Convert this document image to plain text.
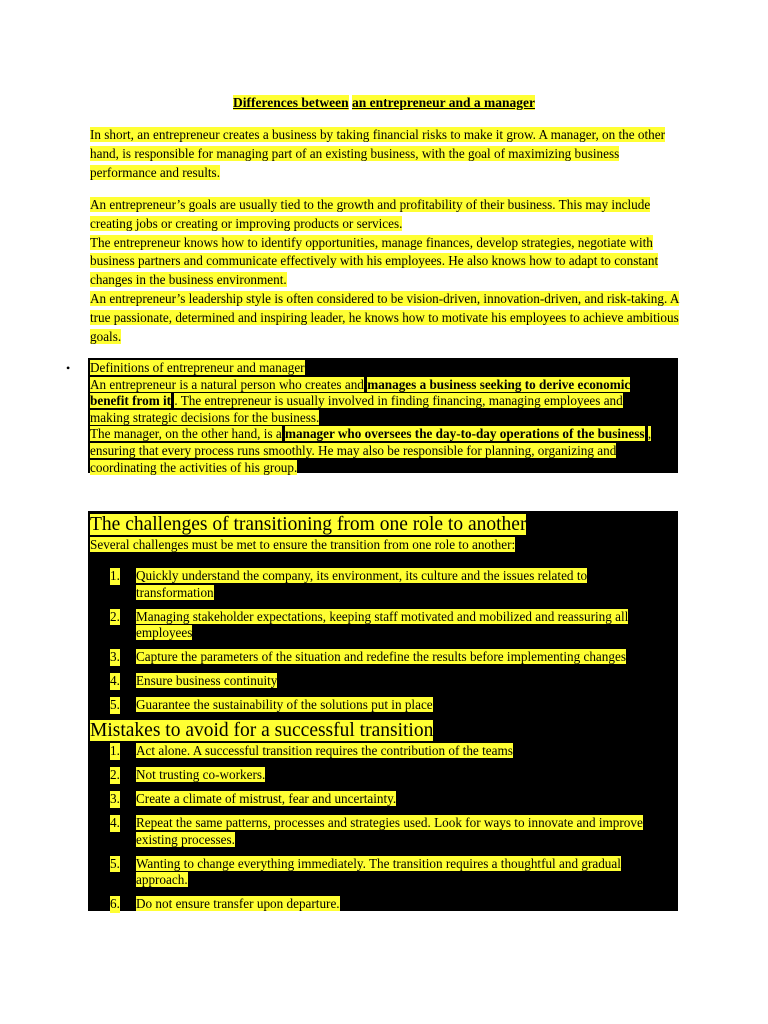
Differences between an entrepreneur and a manager

In short, an entrepreneur creates a business by taking financial risks to make it grow. A manager, on the other hand, is responsible for managing part of an existing business, with the goal of maximizing business performance and results.

An entrepreneur’s goals are usually tied to the growth and profitability of their business. This may include creating jobs or creating or improving products or services.

The entrepreneur knows how to identify opportunities, manage finances, develop strategies, negotiate with business partners and communicate effectively with his employees. He also knows how to adapt to constant changes in the business environment.

An entrepreneur’s leadership style is often considered to be vision-driven, innovation-driven, and risk-taking. A true passionate, determined and inspiring leader, he knows how to motivate his employees to achieve ambitious goals.

• Definitions of entrepreneur and manager

An entrepreneur is a natural person who creates and manages a business seeking to derive economic benefit from it . The entrepreneur is usually involved in finding financing, managing employees and making strategic decisions for the business.

The manager, on the other hand, is a manager who oversees the day-to-day operations of the business , ensuring that every process runs smoothly. He may also be responsible for planning, organizing and coordinating the activities of his group.

The challenges of transitioning from one role to another
Several challenges must be met to ensure the transition from one role to another:
1. Quickly understand the company, its environment, its culture and the issues related to transformation
2. Managing stakeholder expectations, keeping staff motivated and mobilized and reassuring all employees
3. Capture the parameters of the situation and redefine the results before implementing changes
4. Ensure business continuity
5. Guarantee the sustainability of the solutions put in place
Mistakes to avoid for a successful transition
1. Act alone. A successful transition requires the contribution of the teams
2. Not trusting co-workers.
3. Create a climate of mistrust, fear and uncertainty.
4. Repeat the same patterns, processes and strategies used. Look for ways to innovate and improve existing processes.
5. Wanting to change everything immediately. The transition requires a thoughtful and gradual approach.
6. Do not ensure transfer upon departure.
